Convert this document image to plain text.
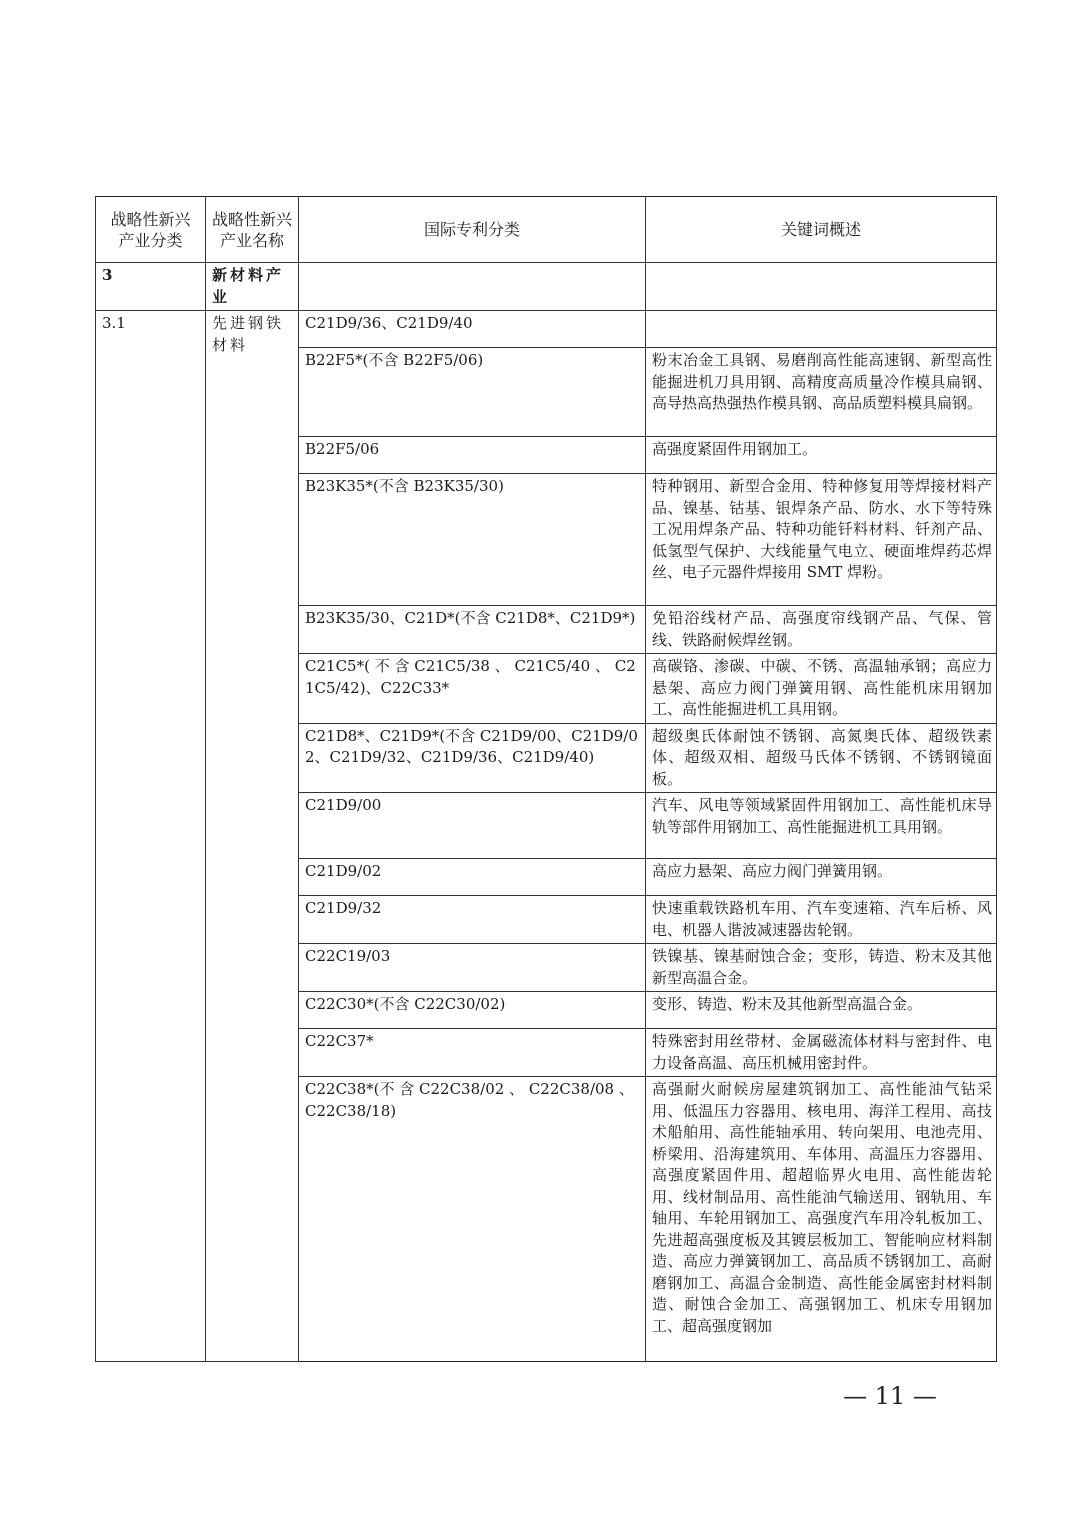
战略性新兴产业分类	战略性新兴产业名称	国际专利分类	关键词概述
3	新材料产业		
3.1	先进钢铁材料	C21D9/36、C21D9/40	
		B22F5*(不含 B22F5/06)	粉末冶金工具钢、易磨削高性能高速钢、新型高性能掘进机刀具用钢、高精度高质量冷作模具扁钢、高导热高热强热作模具钢、高品质塑料模具扁钢。
		B22F5/06	高强度紧固件用钢加工。
		B23K35*(不含 B23K35/30)	特种钢用、新型合金用、特种修复用等焊接材料产品、镍基、钴基、银焊条产品、防水、水下等特殊工况用焊条产品、特种功能钎料材料、钎剂产品、低氢型气保护、大线能量气电立、硬面堆焊药芯焊丝、电子元器件焊接用 SMT 焊粉。
		B23K35/30、C21D*(不含 C21D8*、C21D9*)	免铅浴线材产品、高强度帘线钢产品、气保、管线、铁路耐候焊丝钢。
		C21C5*( 不 含 C21C5/38 、 C21C5/40 、 C21C5/42)、C22C33*	高碳铬、渗碳、中碳、不锈、高温轴承钢；高应力悬架、高应力阀门弹簧用钢、高性能机床用钢加工、高性能掘进机工具用钢。
		C21D8*、C21D9*(不含 C21D9/00、C21D9/02、C21D9/32、C21D9/36、C21D9/40)	超级奥氏体耐蚀不锈钢、高氮奥氏体、超级铁素体、超级双相、超级马氏体不锈钢、不锈钢镜面板。
		C21D9/00	汽车、风电等领域紧固件用钢加工、高性能机床导轨等部件用钢加工、高性能掘进机工具用钢。
		C21D9/02	高应力悬架、高应力阀门弹簧用钢。
		C21D9/32	快速重载铁路机车用、汽车变速箱、汽车后桥、风电、机器人谐波减速器齿轮钢。
		C22C19/03	铁镍基、镍基耐蚀合金；变形，铸造、粉末及其他新型高温合金。
		C22C30*(不含 C22C30/02)	变形、铸造、粉末及其他新型高温合金。
		C22C37*	特殊密封用丝带材、金属磁流体材料与密封件、电力设备高温、高压机械用密封件。
		C22C38*(不 含 C22C38/02 、 C22C38/08 、 C22C38/18)	高强耐火耐候房屋建筑钢加工、高性能油气钻采用、低温压力容器用、核电用、海洋工程用、高技术船舶用、高性能轴承用、转向架用、电池壳用、桥梁用、沿海建筑用、车体用、高温压力容器用、高强度紧固件用、超超临界火电用、高性能齿轮用、线材制品用、高性能油气输送用、钢轨用、车轴用、车轮用钢加工、高强度汽车用冷轧板加工、先进超高强度板及其镀层板加工、智能响应材料制造、高应力弹簧钢加工、高品质不锈钢加工、高耐磨钢加工、高温合金制造、高性能金属密封材料制造、耐蚀合金加工、高强钢加工、机床专用钢加工、超高强度钢加
— 11 —
